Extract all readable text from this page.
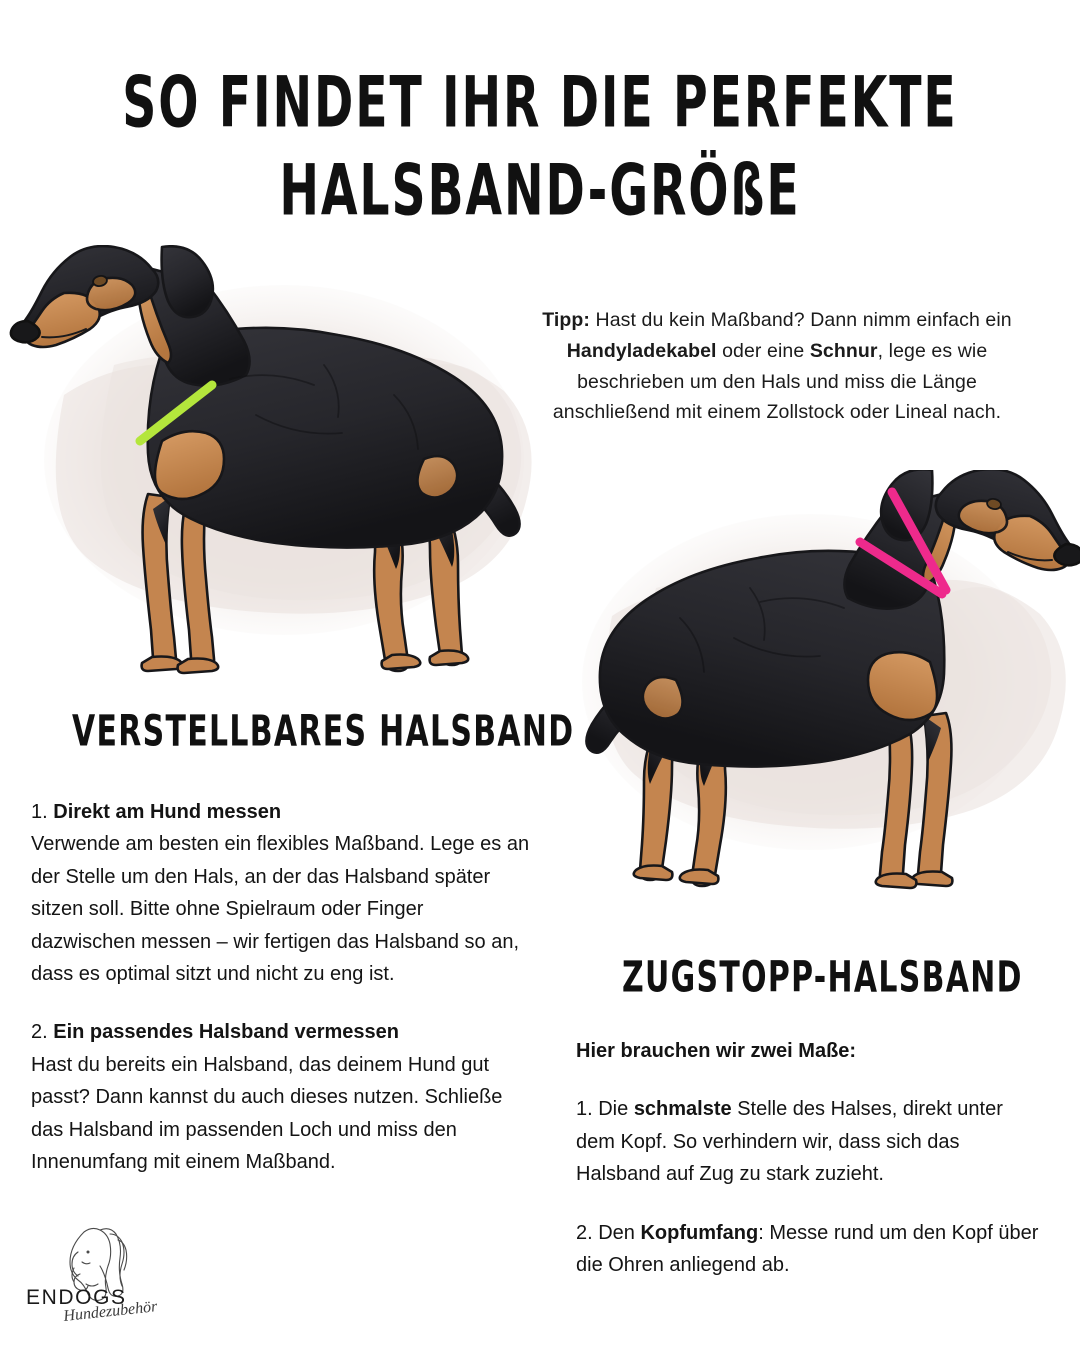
SO FINDET IHR DIE PERFEKTE
HALSBAND-GRÖßE
Tipp: Hast du kein Maßband? Dann nimm einfach ein Handyladekabel oder eine Schnur, lege es wie beschrieben um den Hals und miss die Länge anschließend mit einem Zollstock oder Lineal nach.
VERSTELLBARES HALSBAND
1. Direkt am Hund messen
Verwende am besten ein flexibles Maßband. Lege es an der Stelle um den Hals, an der das Halsband später sitzen soll. Bitte ohne Spielraum oder Finger dazwischen messen – wir fertigen das Halsband so an, dass es optimal sitzt und nicht zu eng ist.
2. Ein passendes Halsband vermessen
Hast du bereits ein Halsband, das deinem Hund gut passt? Dann kannst du auch dieses nutzen. Schließe das Halsband im passenden Loch und miss den Innenumfang mit einem Maßband.
ZUGSTOPP-HALSBAND
Hier brauchen wir zwei Maße:
1. Die schmalste Stelle des Halses, direkt unter dem Kopf. So verhindern wir, dass sich das Halsband auf Zug zu stark zuzieht.
2. Den Kopfumfang: Messe rund um den Kopf über die Ohren anliegend ab.
ENDOGS
Hundezubehör
